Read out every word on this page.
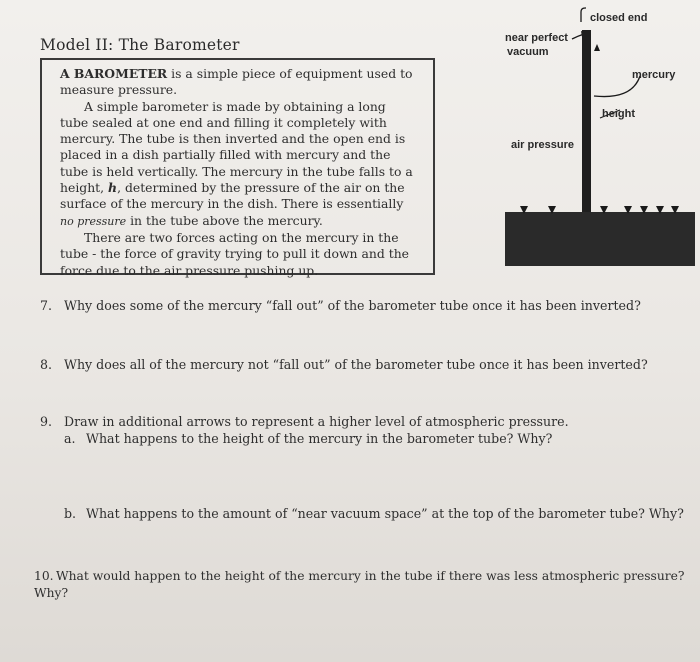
Model II: The Barometer

A BAROMETER is a simple piece of equipment used to measure pressure.

A simple barometer is made by obtaining a long tube sealed at one end and filling it completely with mercury. The tube is then inverted and the open end is placed in a dish partially filled with mercury and the tube is held vertically. The mercury in the tube falls to a height, h, determined by the pressure of the air on the surface of the mercury in the dish. There is essentially no pressure in the tube above the mercury.

There are two forces acting on the mercury in the tube - the force of gravity trying to pull it down and the force due to the air pressure pushing up.

closed end
near perfect
vacuum
mercury
height
air pressure
7. Why does some of the mercury “fall out” of the barometer tube once it has been inverted?
8. Why does all of the mercury not “fall out” of the barometer tube once it has been inverted?
9. Draw in additional arrows to represent a higher level of atmospheric pressure.
a. What happens to the height of the mercury in the barometer tube? Why?
b. What happens to the amount of “near vacuum space” at the top of the barometer tube? Why?
10. What would happen to the height of the mercury in the tube if there was less atmospheric pressure? Why?
